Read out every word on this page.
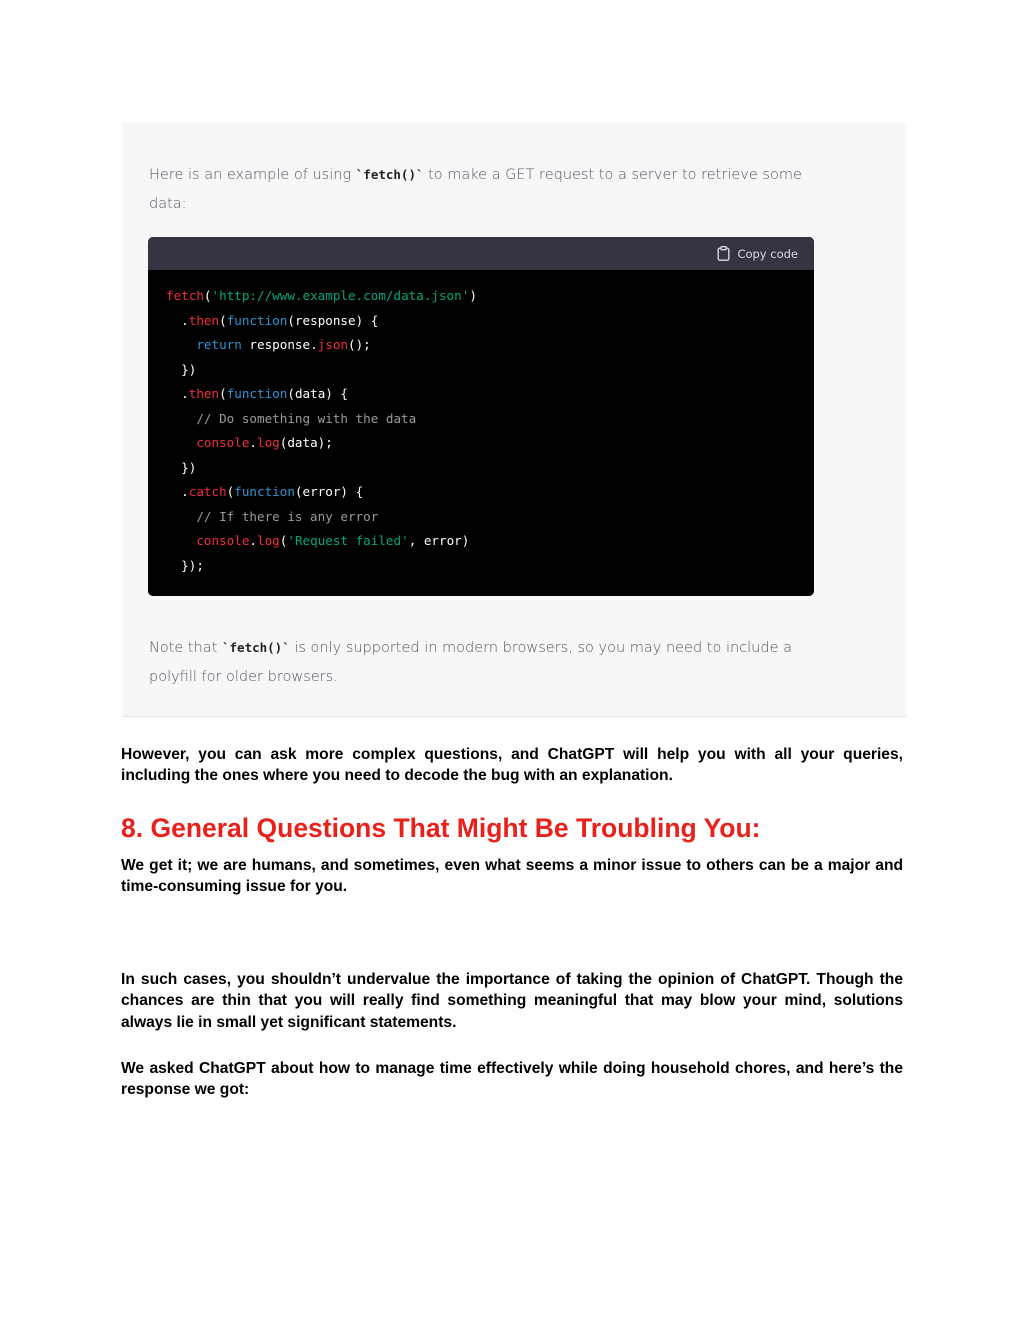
Here is an example of using `fetch()` to make a GET request to a server to retrieve some data:
Copy code
fetch('http://www.example.com/data.json')
.then(function(response) {
return response.json();
})
.then(function(data) {
// Do something with the data
console.log(data);
})
.catch(function(error) {
// If there is any error
console.log('Request failed', error)
});
Note that `fetch()` is only supported in modern browsers, so you may need to include a polyfill for older browsers.

However, you can ask more complex questions, and ChatGPT will help you with all your queries, including the ones where you need to decode the bug with an explanation.

8. General Questions That Might Be Troubling You:

We get it; we are humans, and sometimes, even what seems a minor issue to others can be a major and time-consuming issue for you.

In such cases, you shouldn’t undervalue the importance of taking the opinion of ChatGPT. Though the chances are thin that you will really find something meaningful that may blow your mind, solutions always lie in small yet significant statements.

We asked ChatGPT about how to manage time effectively while doing household chores, and here’s the response we got:
